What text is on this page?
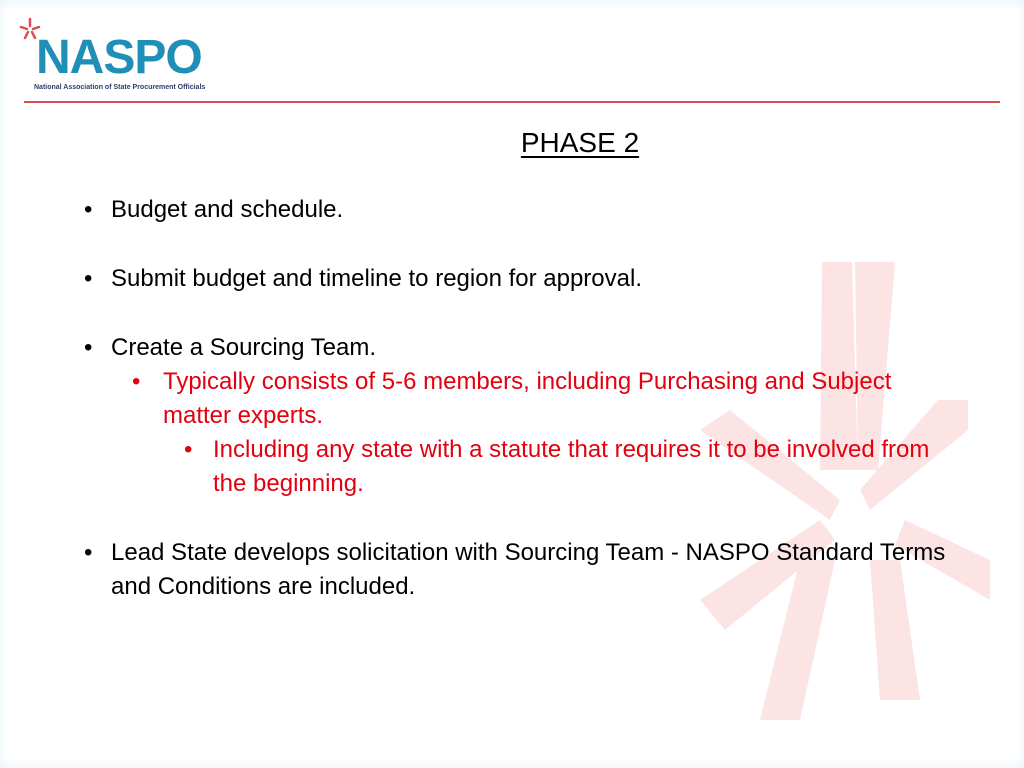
NASPO
National Association of State Procurement Officials
PHASE 2
• Budget and schedule.
• Submit budget and timeline to region for approval.
• Create a Sourcing Team.
• Typically consists of 5-6 members, including Purchasing and Subject matter experts.
• Including any state with a statute that requires it to be involved from the beginning.
• Lead State develops solicitation with Sourcing Team - NASPO Standard Terms and Conditions are included.
